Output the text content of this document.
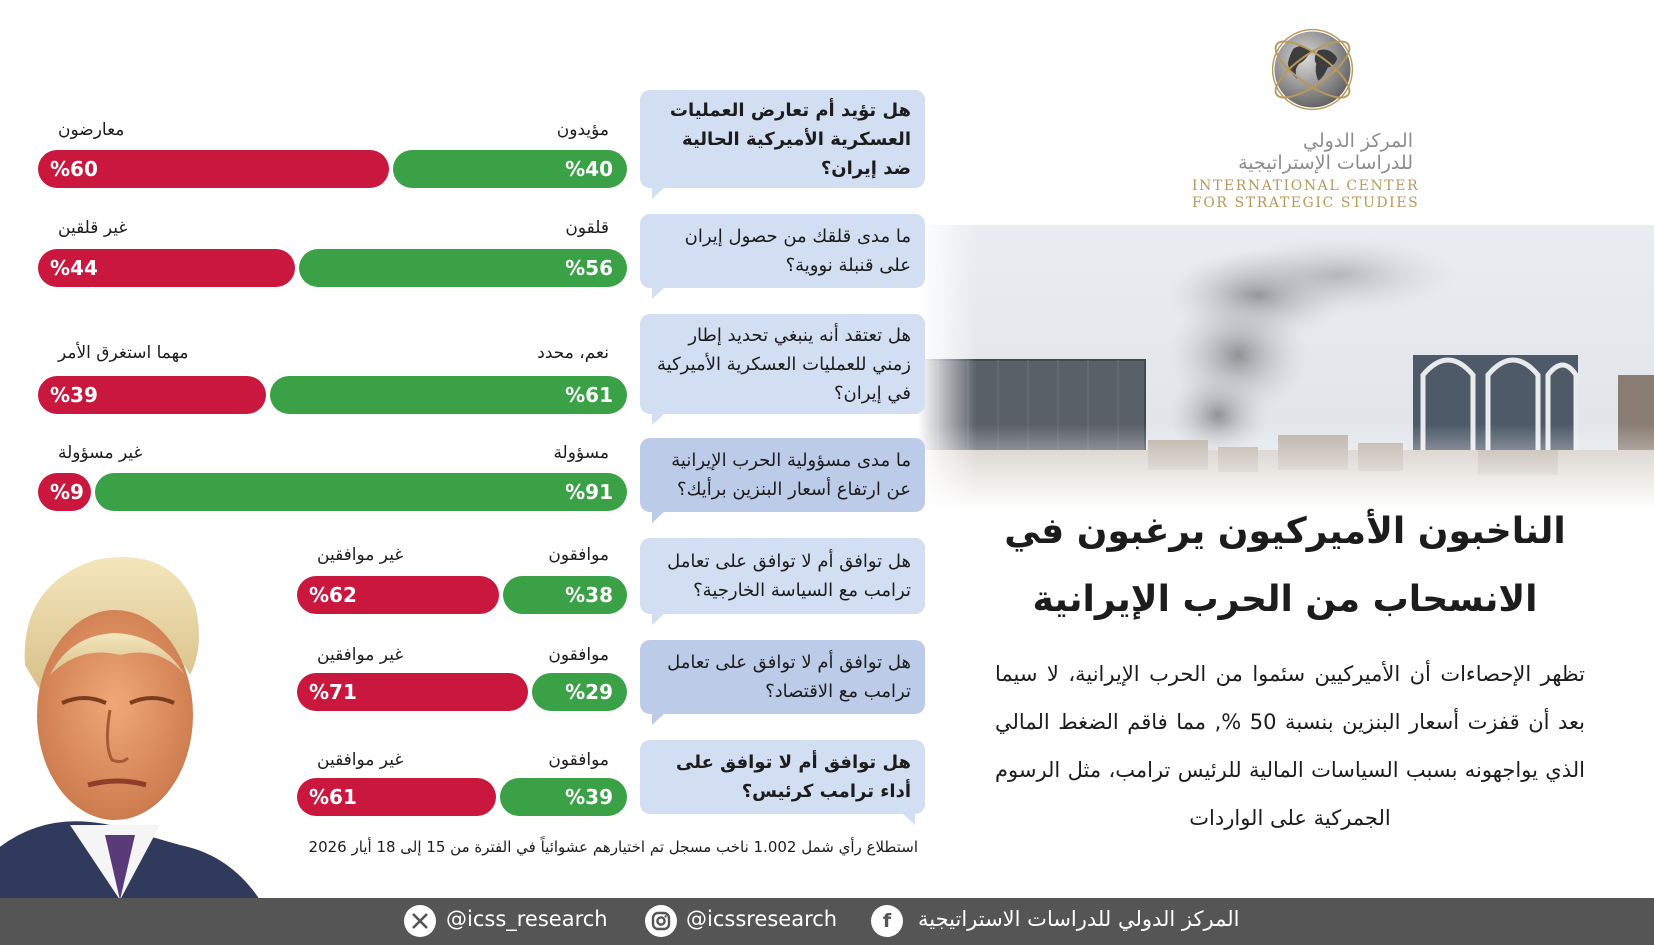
المركز الدولي
للدراسات الإستراتيجية
INTERNATIONAL CENTER
FOR STRATEGIC STUDIES
الناخبون الأميركيون يرغبون في
الانسحاب من الحرب الإيرانية
تظهر الإحصاءات أن الأميركيين سئموا من الحرب الإيرانية، لا سيما بعد أن قفزت أسعار البنزين بنسبة 50 %, مما فاقم الضغط المالي الذي يواجهونه بسبب السياسات المالية للرئيس ترامب، مثل الرسوم الجمركية على الواردات
هل تؤيد أم تعارض العمليات العسكرية الأميركية الحالية ضد إيران؟
ما مدى قلقك من حصول إيران على قنبلة نووية؟
هل تعتقد أنه ينبغي تحديد إطار زمني للعمليات العسكرية الأميركية في إيران؟
ما مدى مسؤولية الحرب الإيرانية عن ارتفاع أسعار البنزين برأيك؟
هل توافق أم لا توافق على تعامل ترامب مع السياسة الخارجية؟
هل توافق أم لا توافق على تعامل ترامب مع الاقتصاد؟
هل توافق أم لا توافق على أداء ترامب كرئيس؟
%40
%60
مؤيدون
معارضون
%56
%44
قلقون
غير قلقين
%61
%39
نعم، محدد
مهما استغرق الأمر
%91
%9
مسؤولة
غير مسؤولة
%38
%62
موافقون
غير موافقين
%29
%71
موافقون
غير موافقين
%39
%61
موافقون
غير موافقين
استطلاع رأي شمل 1.002 ناخب مسجل تم اختيارهم عشوائياً في الفترة من 15 إلى 18 أيار 2026
المركز الدولي للدراسات الاستراتيجية
f
@icssresearch
@icss_research
